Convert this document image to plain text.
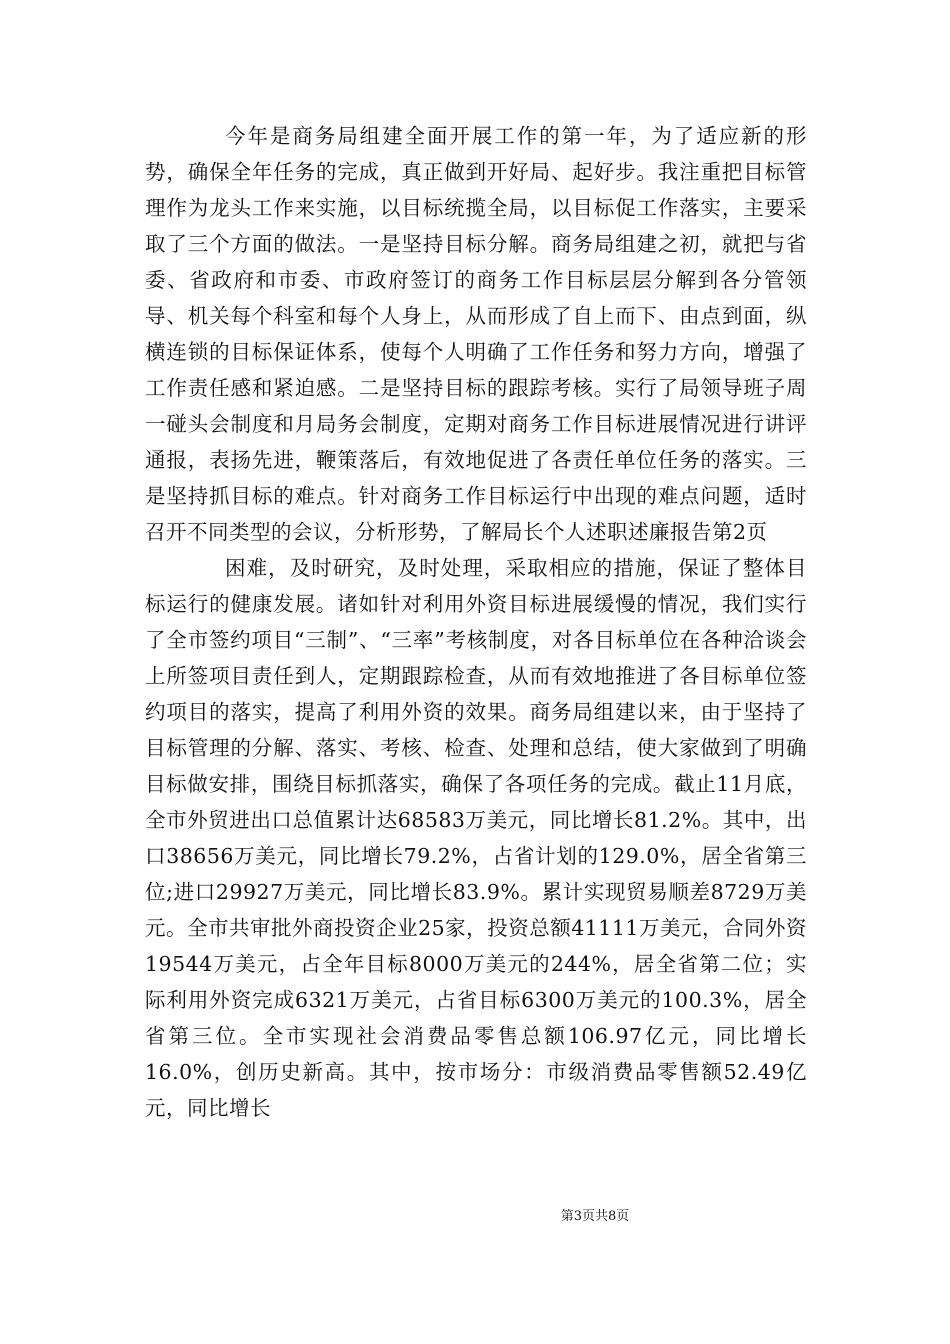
今年是商务局组建全面开展工作的第一年，为了适应新的形势，确保全年任务的完成，真正做到开好局、起好步。我注重把目标管理作为龙头工作来实施，以目标统揽全局，以目标促工作落实，主要采取了三个方面的做法。一是坚持目标分解。商务局组建之初，就把与省委、省政府和市委、市政府签订的商务工作目标层层分解到各分管领导、机关每个科室和每个人身上，从而形成了自上而下、由点到面，纵横连锁的目标保证体系，使每个人明确了工作任务和努力方向，增强了工作责任感和紧迫感。二是坚持目标的跟踪考核。实行了局领导班子周一碰头会制度和月局务会制度，定期对商务工作目标进展情况进行讲评通报，表扬先进，鞭策落后，有效地促进了各责任单位任务的落实。三是坚持抓目标的难点。针对商务工作目标运行中出现的难点问题，适时召开不同类型的会议，分析形势，了解局长个人述职述廉报告第2页

困难，及时研究，及时处理，采取相应的措施，保证了整体目标运行的健康发展。诸如针对利用外资目标进展缓慢的情况，我们实行了全市签约项目“三制”、“三率”考核制度，对各目标单位在各种洽谈会上所签项目责任到人，定期跟踪检查，从而有效地推进了各目标单位签约项目的落实，提高了利用外资的效果。商务局组建以来，由于坚持了目标管理的分解、落实、考核、检查、处理和总结，使大家做到了明确目标做安排，围绕目标抓落实，确保了各项任务的完成。截止11月底，全市外贸进出口总值累计达68583万美元，同比增长81.2%。其中，出口38656万美元，同比增长79.2%，占省计划的129.0%，居全省第三位;进口29927万美元，同比增长83.9%。累计实现贸易顺差8729万美元。全市共审批外商投资企业25家，投资总额41111万美元，合同外资19544万美元，占全年目标8000万美元的244%，居全省第二位；实际利用外资完成6321万美元，占省目标6300万美元的100.3%，居全省第三位。全市实现社会消费品零售总额106.97亿元，同比增长16.0%，创历史新高。其中，按市场分：市级消费品零售额52.49亿元，同比增长

第3页共8页
